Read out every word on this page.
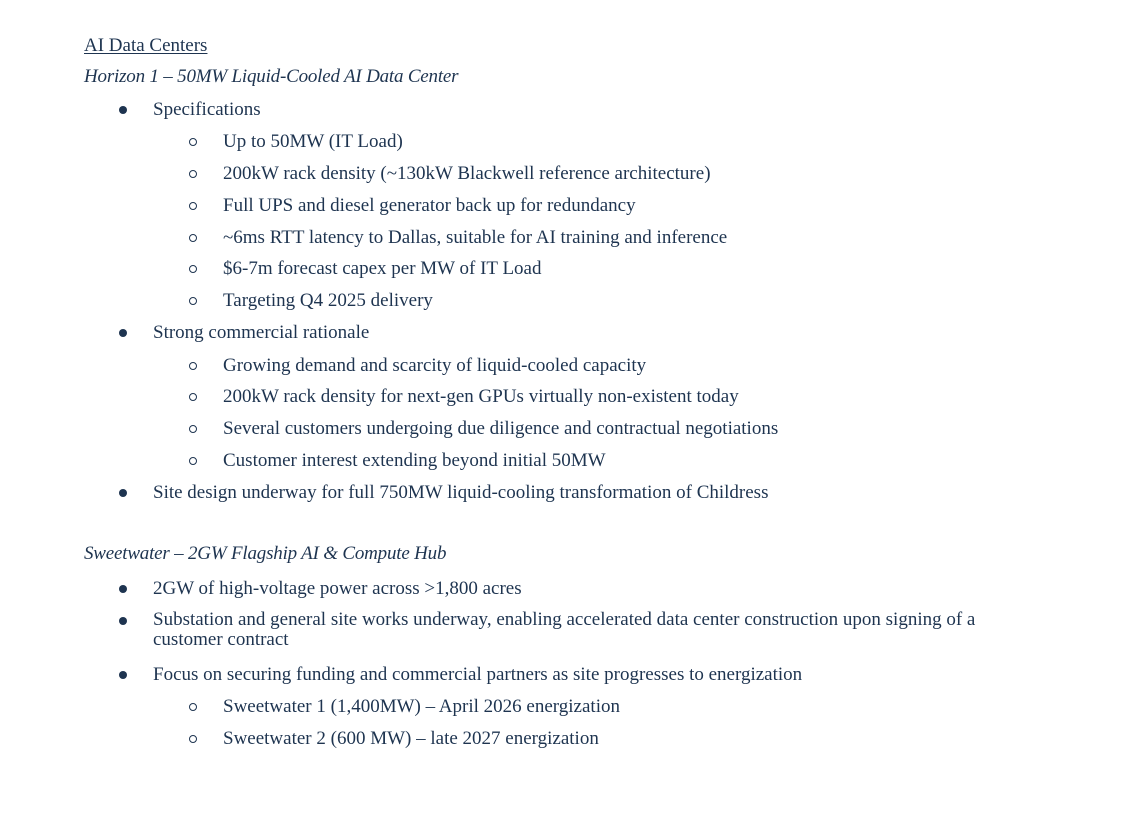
AI Data Centers
Horizon 1 – 50MW Liquid-Cooled AI Data Center
Specifications
Up to 50MW (IT Load)
200kW rack density (~130kW Blackwell reference architecture)
Full UPS and diesel generator back up for redundancy
~6ms RTT latency to Dallas, suitable for AI training and inference
$6-7m forecast capex per MW of IT Load
Targeting Q4 2025 delivery
Strong commercial rationale
Growing demand and scarcity of liquid-cooled capacity
200kW rack density for next-gen GPUs virtually non-existent today
Several customers undergoing due diligence and contractual negotiations
Customer interest extending beyond initial 50MW
Site design underway for full 750MW liquid-cooling transformation of Childress
Sweetwater – 2GW Flagship AI & Compute Hub
2GW of high-voltage power across >1,800 acres
Substation and general site works underway, enabling accelerated data center construction upon signing of a customer contract
Focus on securing funding and commercial partners as site progresses to energization
Sweetwater 1 (1,400MW) – April 2026 energization
Sweetwater 2 (600 MW) – late 2027 energization
